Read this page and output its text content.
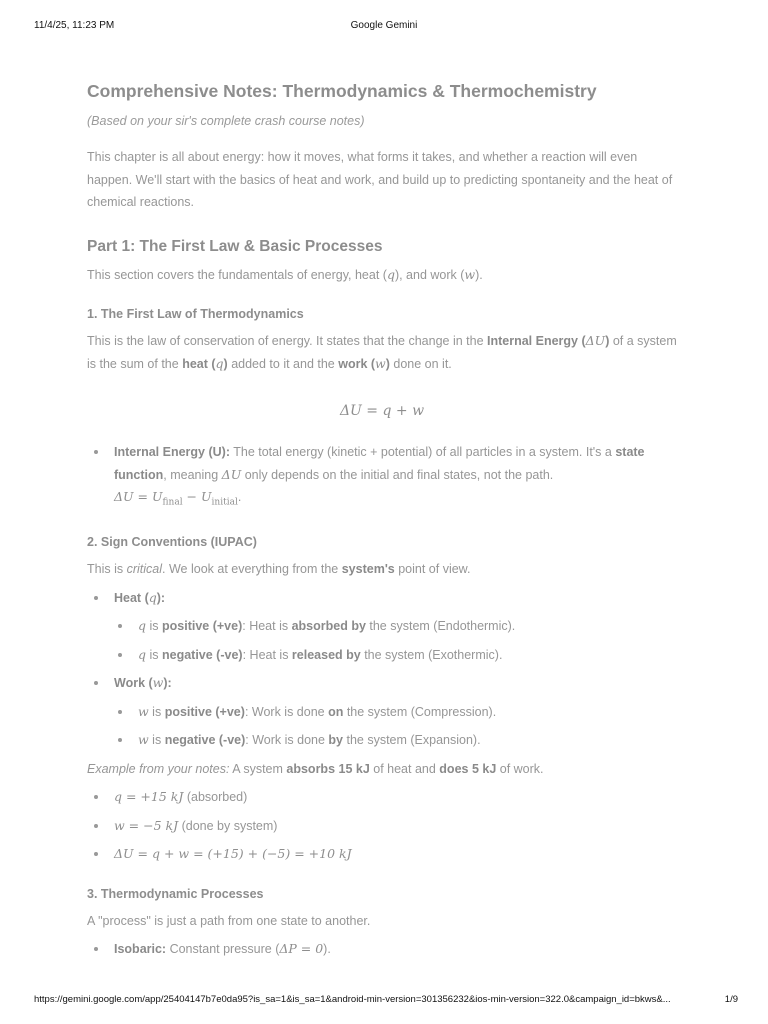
11/4/25, 11:23 PM	Google Gemini
Comprehensive Notes: Thermodynamics & Thermochemistry

(Based on your sir's complete crash course notes)

This chapter is all about energy: how it moves, what forms it takes, and whether a reaction will even happen. We'll start with the basics of heat and work, and build up to predicting spontaneity and the heat of chemical reactions.

Part 1: The First Law & Basic Processes

This section covers the fundamentals of energy, heat (q), and work (w).

1. The First Law of Thermodynamics

This is the law of conservation of energy. It states that the change in the Internal Energy (ΔU) of a system is the sum of the heat (q) added to it and the work (w) done on it.

ΔU = q + w
Internal Energy (U): The total energy (kinetic + potential) of all particles in a system. It's a state function, meaning ΔU only depends on the initial and final states, not the path.
$\Delta U = U_{final} - U_{initial}$.
2. Sign Conventions (IUPAC)

This is critical. We look at everything from the system's point of view.

Heat (q):
q is positive (+ve): Heat is absorbed by the system (Endothermic).
q is negative (-ve): Heat is released by the system (Exothermic).
Work (w):
w is positive (+ve): Work is done on the system (Compression).
w is negative (-ve): Work is done by the system (Expansion).

Example from your notes: A system absorbs 15 kJ of heat and does 5 kJ of work.

q = +15 kJ (absorbed)
w = −5 kJ (done by system)
ΔU = q + w = (+15) + (−5) = +10 kJ
3. Thermodynamic Processes

A "process" is just a path from one state to another.

Isobaric: Constant pressure (ΔP = 0).
https://gemini.google.com/app/25404147b7e0da95?is_sa=1&is_sa=1&android-min-version=301356232&ios-min-version=322.0&campaign_id=bkws&...	1/9
